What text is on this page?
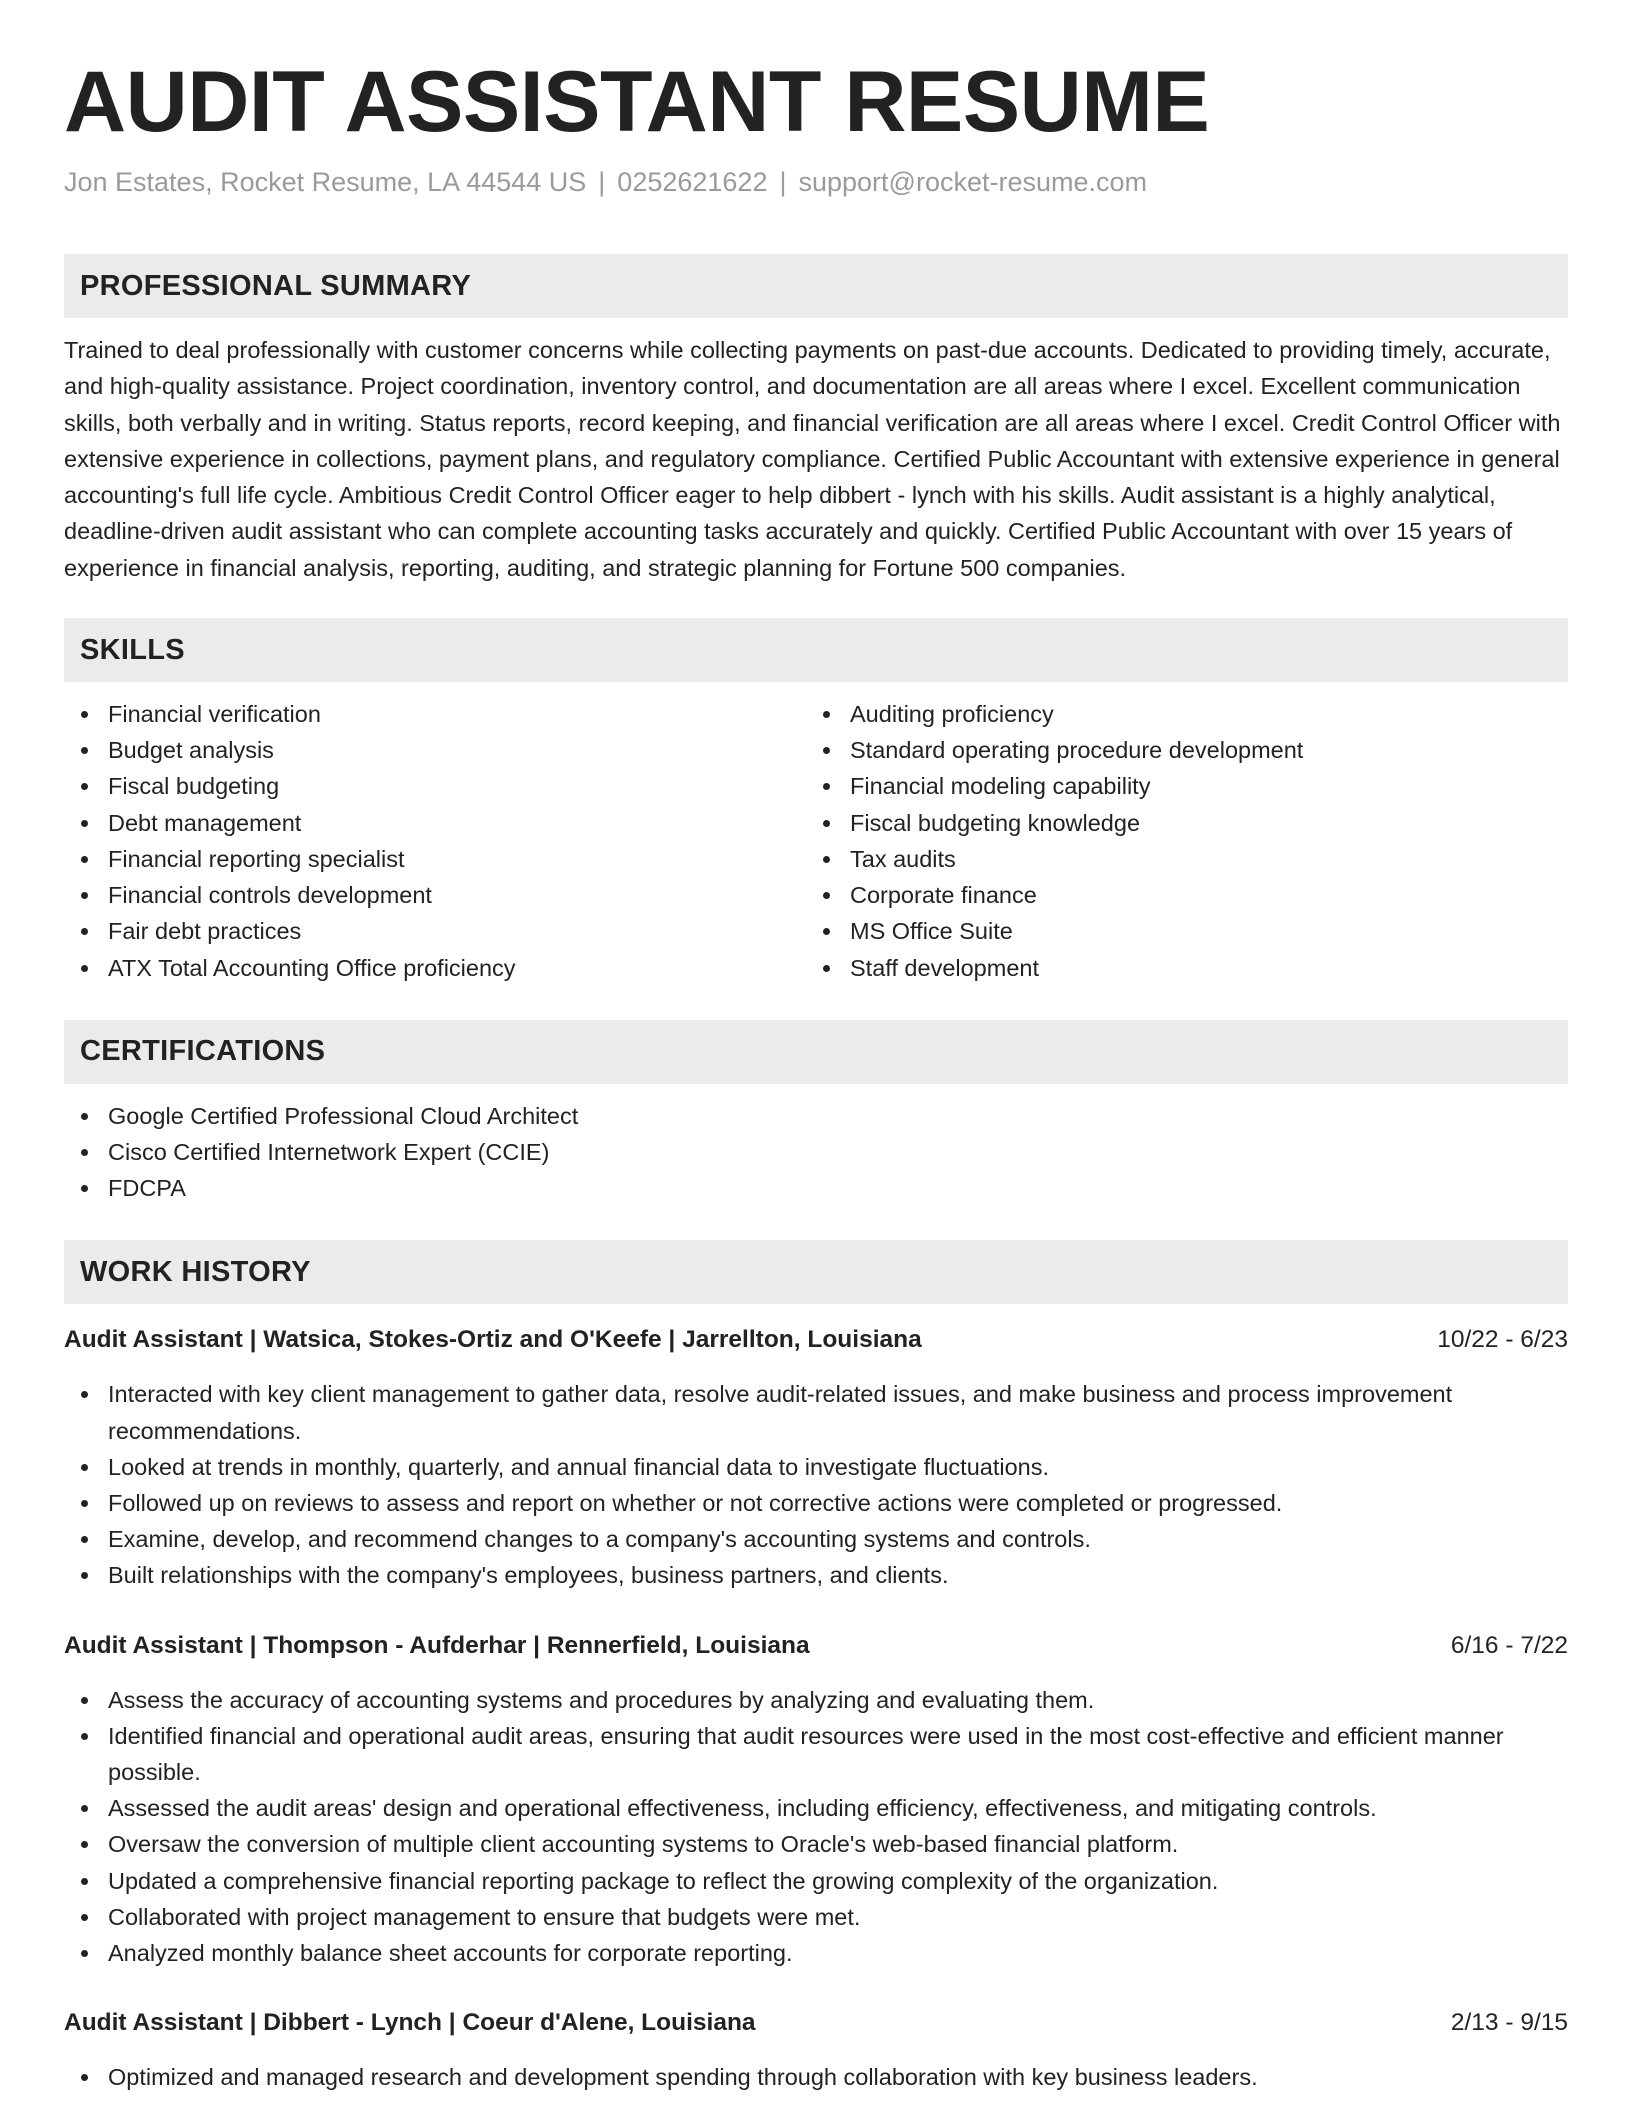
AUDIT ASSISTANT RESUME
Jon Estates, Rocket Resume, LA 44544 US | 0252621622 | support@rocket-resume.com
PROFESSIONAL SUMMARY

Trained to deal professionally with customer concerns while collecting payments on past-due accounts. Dedicated to providing timely, accurate, and high-quality assistance. Project coordination, inventory control, and documentation are all areas where I excel. Excellent communication skills, both verbally and in writing. Status reports, record keeping, and financial verification are all areas where I excel. Credit Control Officer with extensive experience in collections, payment plans, and regulatory compliance. Certified Public Accountant with extensive experience in general accounting's full life cycle. Ambitious Credit Control Officer eager to help dibbert - lynch with his skills. Audit assistant is a highly analytical, deadline-driven audit assistant who can complete accounting tasks accurately and quickly. Certified Public Accountant with over 15 years of experience in financial analysis, reporting, auditing, and strategic planning for Fortune 500 companies.

SKILLS
Financial verification
Budget analysis
Fiscal budgeting
Debt management
Financial reporting specialist
Financial controls development
Fair debt practices
ATX Total Accounting Office proficiency
Auditing proficiency
Standard operating procedure development
Financial modeling capability
Fiscal budgeting knowledge
Tax audits
Corporate finance
MS Office Suite
Staff development
CERTIFICATIONS
Google Certified Professional Cloud Architect
Cisco Certified Internetwork Expert (CCIE)
FDCPA
WORK HISTORY
Audit Assistant | Watsica, Stokes-Ortiz and O'Keefe | Jarrellton, Louisiana	10/22 - 6/23
Interacted with key client management to gather data, resolve audit-related issues, and make business and process improvement recommendations.
Looked at trends in monthly, quarterly, and annual financial data to investigate fluctuations.
Followed up on reviews to assess and report on whether or not corrective actions were completed or progressed.
Examine, develop, and recommend changes to a company's accounting systems and controls.
Built relationships with the company's employees, business partners, and clients.
Audit Assistant | Thompson - Aufderhar | Rennerfield, Louisiana	6/16 - 7/22
Assess the accuracy of accounting systems and procedures by analyzing and evaluating them.
Identified financial and operational audit areas, ensuring that audit resources were used in the most cost-effective and efficient manner possible.
Assessed the audit areas' design and operational effectiveness, including efficiency, effectiveness, and mitigating controls.
Oversaw the conversion of multiple client accounting systems to Oracle's web-based financial platform.
Updated a comprehensive financial reporting package to reflect the growing complexity of the organization.
Collaborated with project management to ensure that budgets were met.
Analyzed monthly balance sheet accounts for corporate reporting.
Audit Assistant | Dibbert - Lynch | Coeur d'Alene, Louisiana	2/13 - 9/15
Optimized and managed research and development spending through collaboration with key business leaders.
